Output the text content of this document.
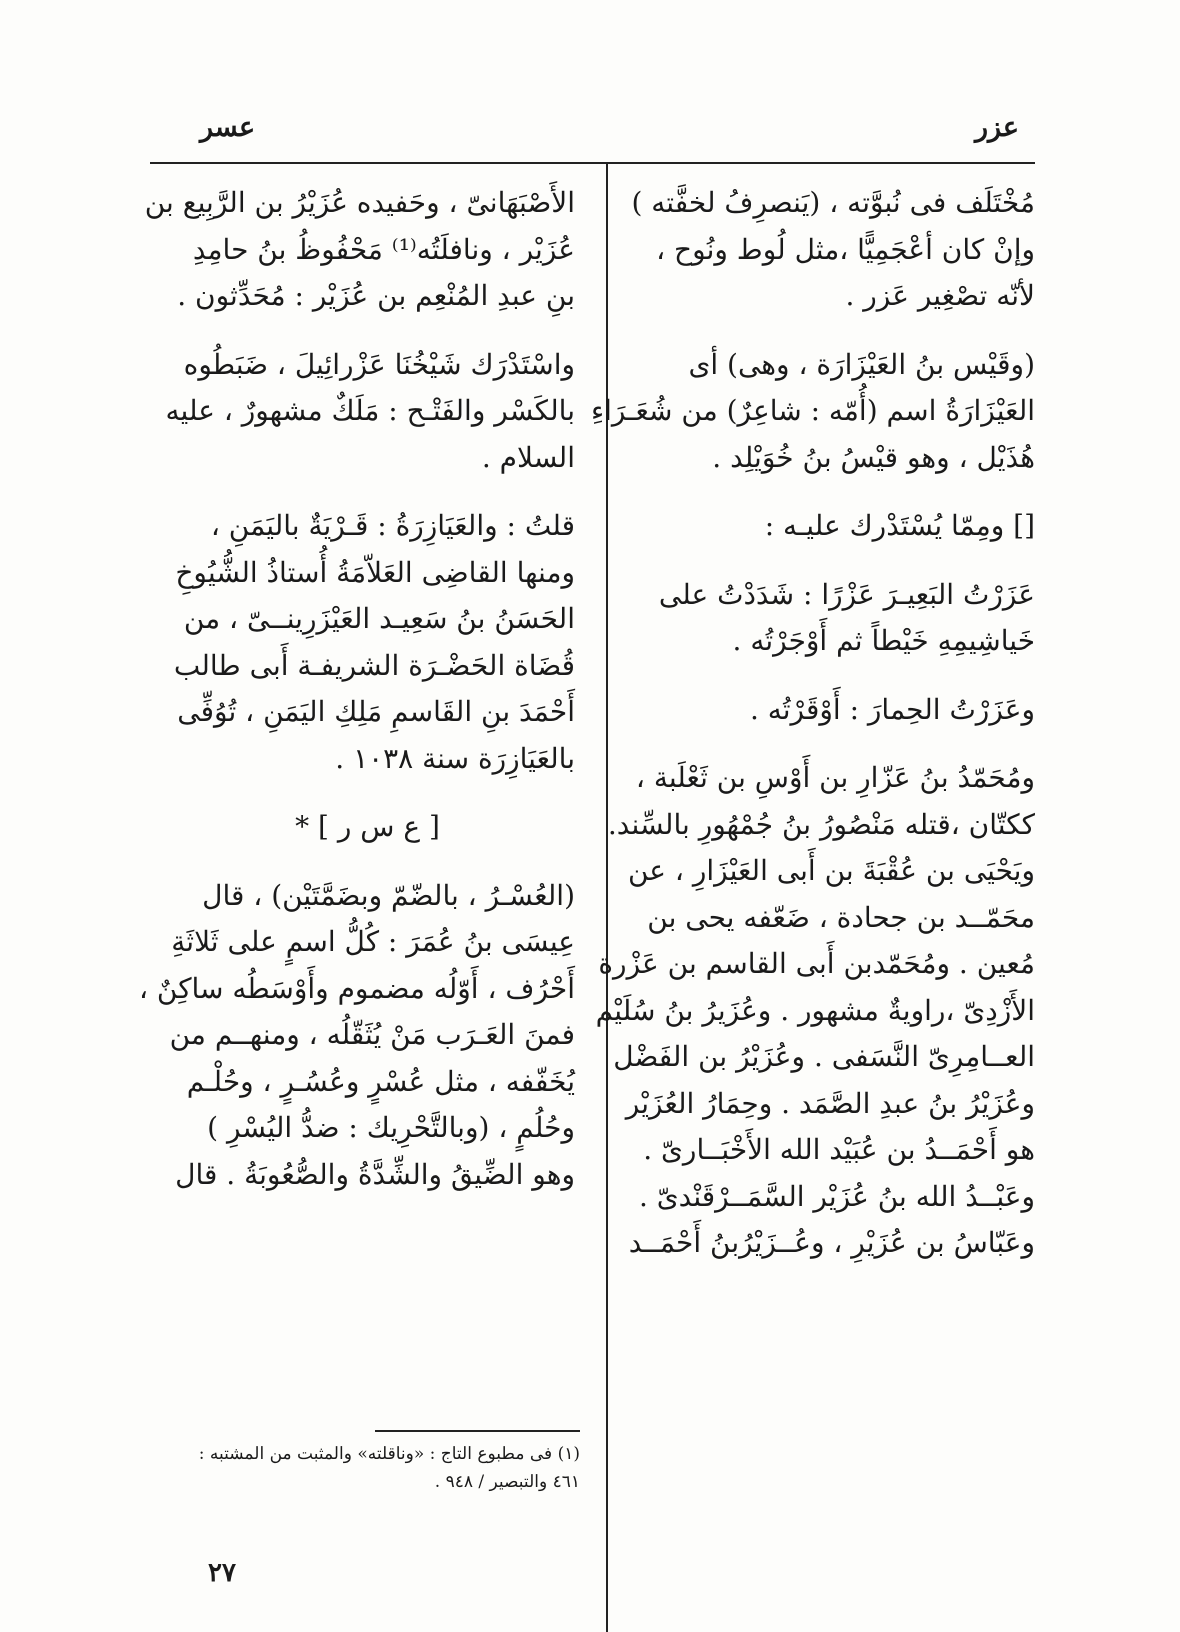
عزر
عسر
مُخْتَلَف فى نُبوَّته ، (يَنصرِفُ لخفَّته )
وإنْ كان أعْجَمِيًّا ،مثل لُوط ونُوح ،
لأنّه تصْغِير عَزر .
(وقَيْس بنُ العَيْزَارَة ، وهى) أى
العَيْزَارَةُ اسم (أُمّه : شاعِرٌ) من شُعَـرَاءِ
هُذَيْل ، وهو قيْسُ بنُ خُوَيْلِد .
[] ومِمّا يُسْتَدْرك عليـه :
عَزَرْتُ البَعِيـرَ عَزْرًا : شَدَدْتُ على
خَياشِيمِهِ خَيْطاً ثم أَوْجَرْتُه .
وعَزَرْتُ الحِمارَ : أَوْقَرْتُه .
ومُحَمّدُ بنُ عَزّارِ بن أَوْسِ بن ثَعْلَبة ،
ككتّان ،قتله مَنْصُورُ بنُ جُمْهُورِ بالسِّند.
ويَحْيَى بن عُقْبَةَ بن أَبى العَيْزَارِ ، عن
محَمّــد بن جحادة ، ضَعّفه يحى بن
مُعين . ومُحَمّدبن أَبى القاسم بن عَزْرة
الأَزْدِىّ ،راويةٌ مشهور . وعُزَيرُ بنُ سُلَيْم
العــامِرِىّ النَّسَفى . وعُزَيْرُ بن الفَضْل
وعُزَيْرُ بنُ عبدِ الصَّمَد . وحِمَارُ العُزَيْر
هو أَحْمَــدُ بن عُبَيْد الله الأَخْبَــارىّ .
وعَبْــدُ الله بنُ عُزَيْر السَّمَــرْقَنْدىّ .
وعَبّاسُ بن عُزَيْرِ ، وعُــزَيْرُبنُ أَحْمَــد
الأَصْبَهَانىّ ، وحَفيده عُزَيْرُ بن الرَّبِيع بن
عُزَيْر ، ونافلَتُه⁽¹⁾ مَحْفُوظُ بنُ حامِدِ
بنِ عبدِ المُنْعِم بن عُزَيْر : مُحَدِّثون .
واسْتَدْرَك شَيْخُنَا عَزْرائِيلَ ، ضَبَطُوه
بالكَسْر والفَتْـح : مَلَكٌ مشهورٌ ، عليه
السلام .
قلتُ : والعَيَازِرَةُ : قَـرْيَةٌ باليَمَنِ ،
ومنها القاضِى العَلاّمَةُ أُستاذُ الشُّيُوخِ
الحَسَنُ بنُ سَعِيـد العَيْزَرِينــىّ ، من
قُضَاة الحَضْـرَة الشريفـة أَبى طالب
أَحْمَدَ بنِ القَاسمِ مَلِكِ اليَمَنِ ، تُوُفِّى
بالعَيَازِرَة سنة ١٠٣٨ .
[ ع س ر ] *
(العُسْـرُ ، بالضّمّ وبضَمَّتَيْن) ، قال
عِيسَى بنُ عُمَرَ : كُلُّ اسمٍ على ثَلاثَةِ
أَحْرُف ، أَوّلُه مضموم وأَوْسَطُه ساكِنٌ ،
فمنَ العَـرَب مَنْ يُثَقّلُه ، ومنهــم من
يُخَفّفه ، مثل عُسْرٍ وعُسُـرٍ ، وحُلْـم
وحُلُمٍ ، (وبالتَّحْرِيك : ضدُّ اليُسْرِ )
وهو الضِّيقُ والشِّدَّةُ والصُّعُوبَةُ . قال
(١) فى مطبوع التاج : «وناقلته» والمثبت من المشتبه :
٤٦١ والتبصير / ٩٤٨ .
٢٧
